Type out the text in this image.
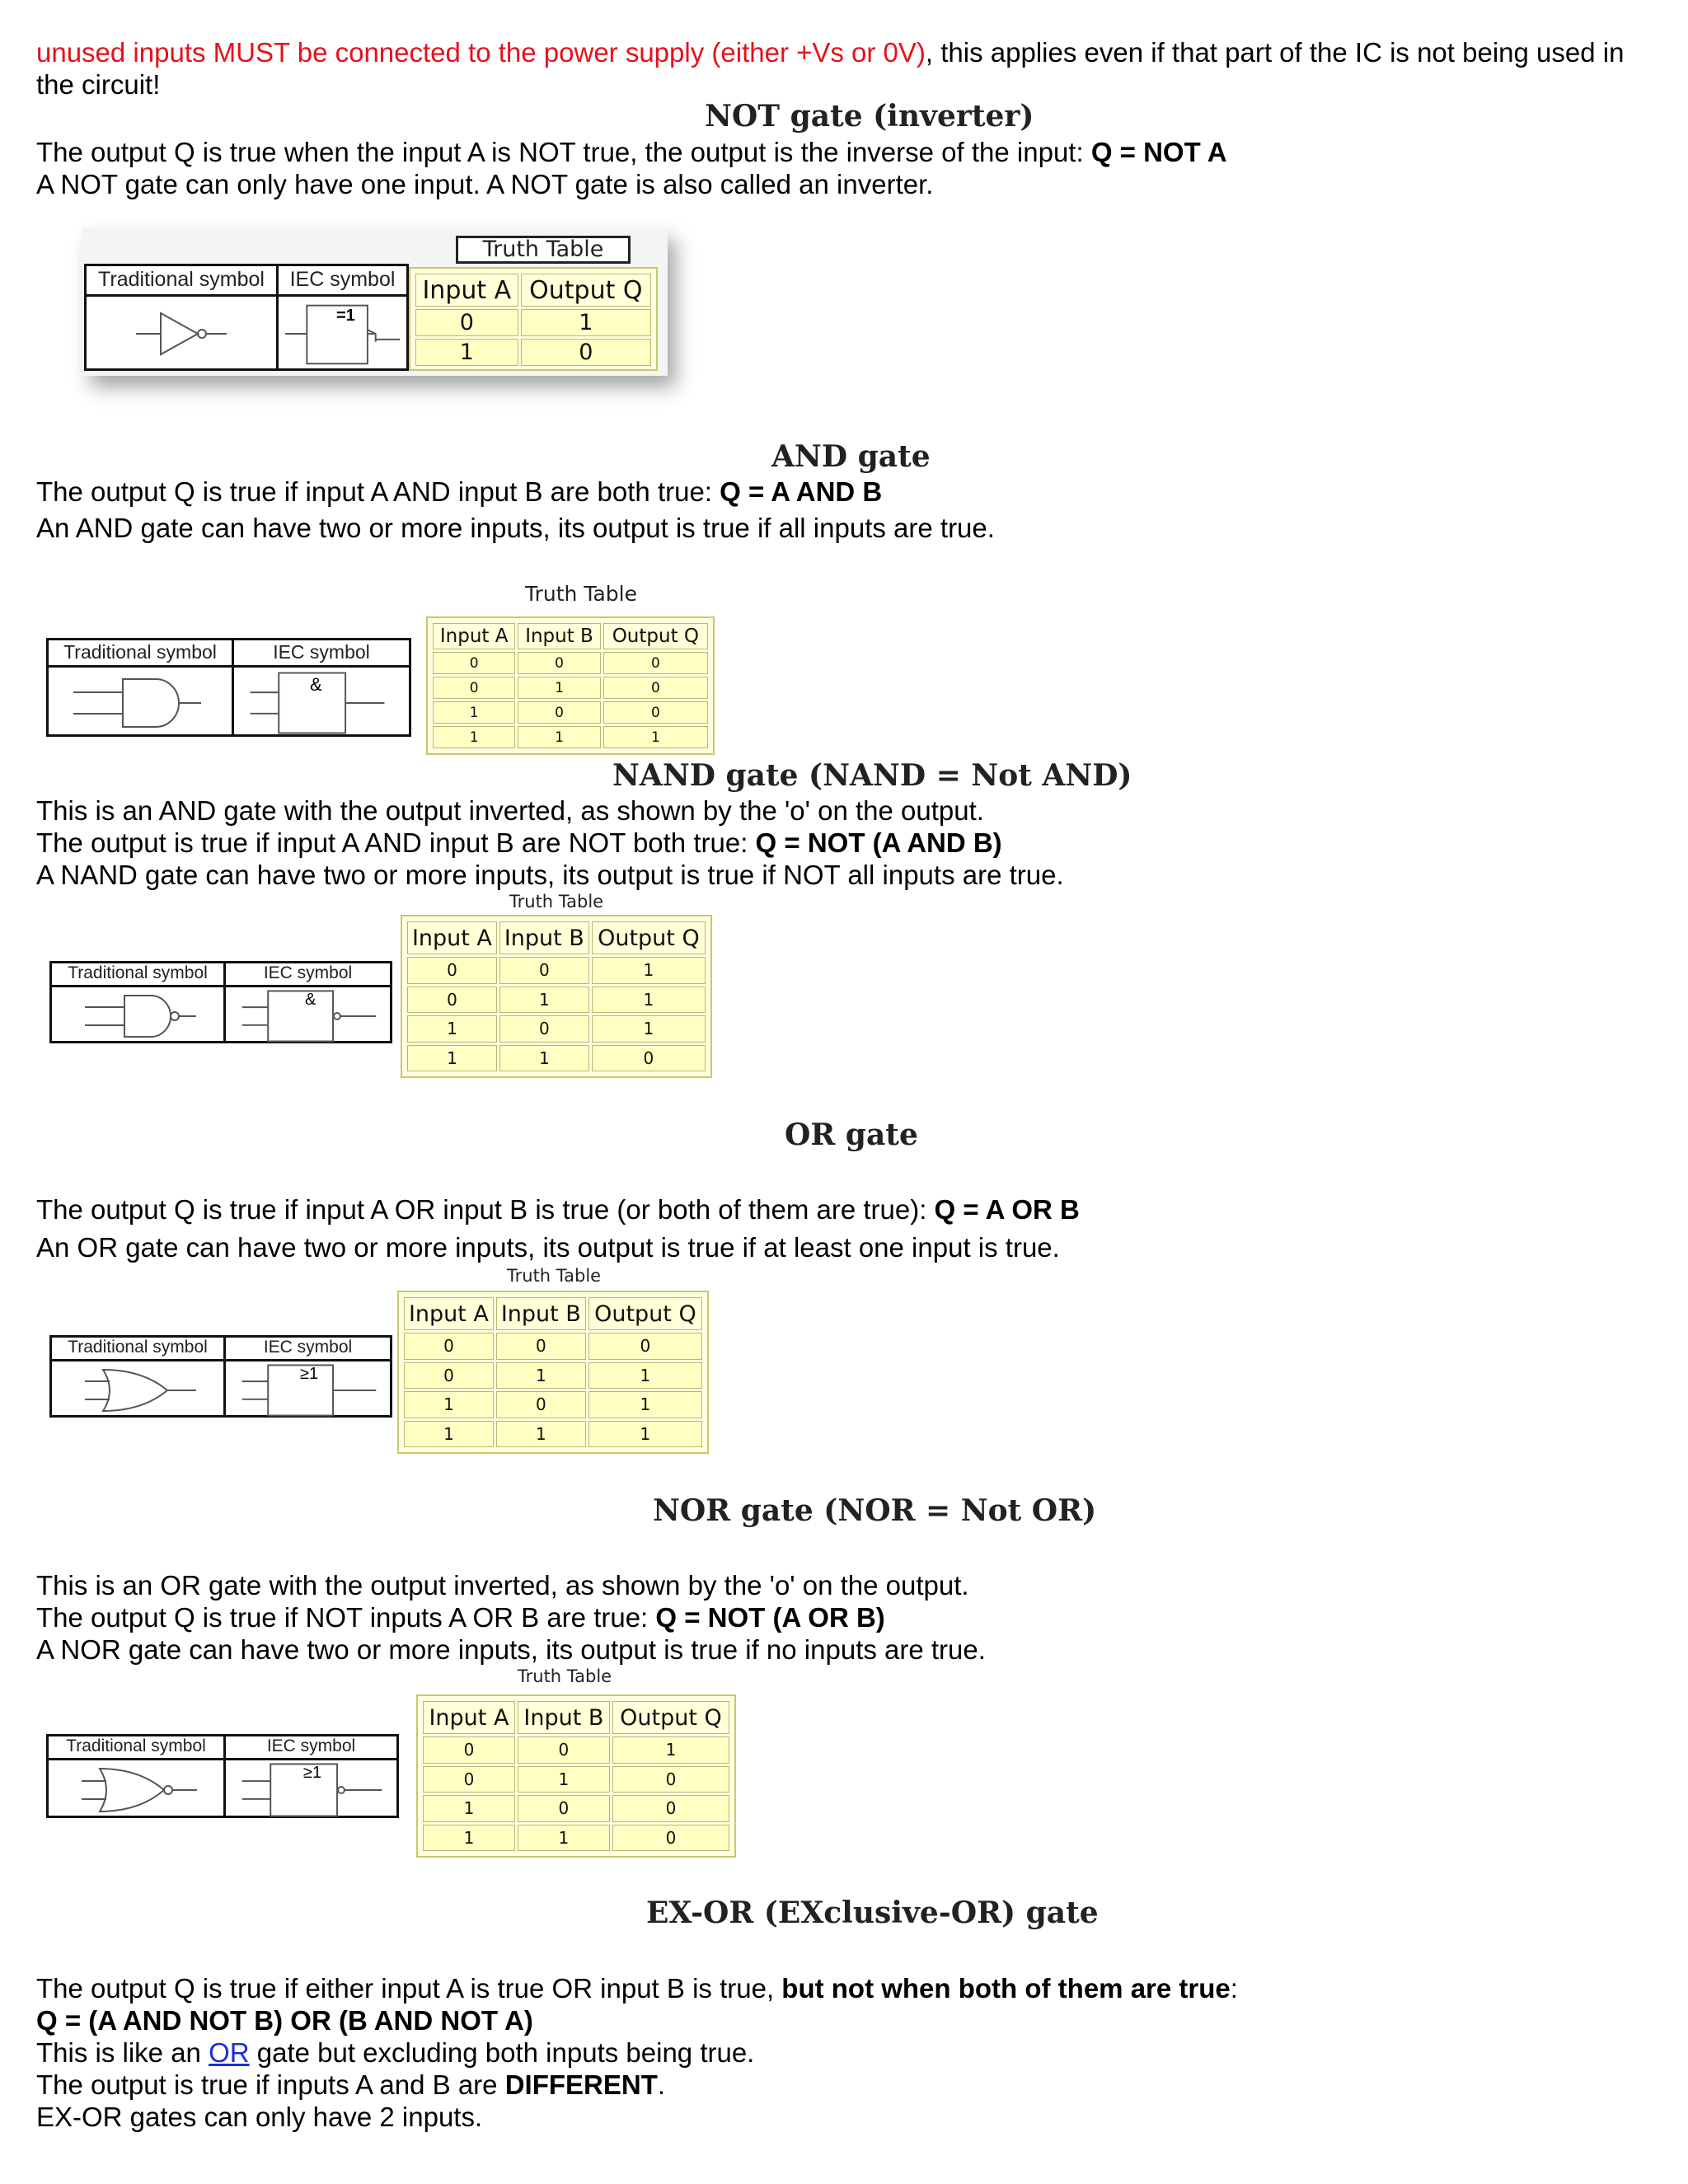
unused inputs MUST be connected to the power supply (either +Vs or 0V), this applies even if that part of the IC is not being used in
the circuit!
NOT gate (inverter)
The output Q is true when the input A is NOT true, the output is the inverse of the input: Q = NOT A
A NOT gate can only have one input. A NOT gate is also called an inverter.
Traditional symbol	IEC symbol
=1
Truth Table
Input A	Output Q
0	1
1	0
AND gate
The output Q is true if input A AND input B are both true: Q = A AND B
An AND gate can have two or more inputs, its output is true if all inputs are true.
Truth Table
Traditional symbol	IEC symbol
&
Input A	Input B	Output Q
0	0	0
0	1	0
1	0	0
1	1	1
NAND gate (NAND = Not AND)
This is an AND gate with the output inverted, as shown by the 'o' on the output.
The output is true if input A AND input B are NOT both true: Q = NOT (A AND B)
A NAND gate can have two or more inputs, its output is true if NOT all inputs are true.
Truth Table
Traditional symbol	IEC symbol
&
Input A	Input B	Output Q
0	0	1
0	1	1
1	0	1
1	1	0
OR gate
The output Q is true if input A OR input B is true (or both of them are true): Q = A OR B
An OR gate can have two or more inputs, its output is true if at least one input is true.
Truth Table
Traditional symbol	IEC symbol
≥1
Input A	Input B	Output Q
0	0	0
0	1	1
1	0	1
1	1	1
NOR gate (NOR = Not OR)
This is an OR gate with the output inverted, as shown by the 'o' on the output.
The output Q is true if NOT inputs A OR B are true: Q = NOT (A OR B)
A NOR gate can have two or more inputs, its output is true if no inputs are true.
Truth Table
Traditional symbol	IEC symbol
≥1
Input A	Input B	Output Q
0	0	1
0	1	0
1	0	0
1	1	0
EX-OR (EXclusive-OR) gate
The output Q is true if either input A is true OR input B is true, but not when both of them are true:
Q = (A AND NOT B) OR (B AND NOT A)
This is like an OR gate but excluding both inputs being true.
The output is true if inputs A and B are DIFFERENT.
EX-OR gates can only have 2 inputs.
